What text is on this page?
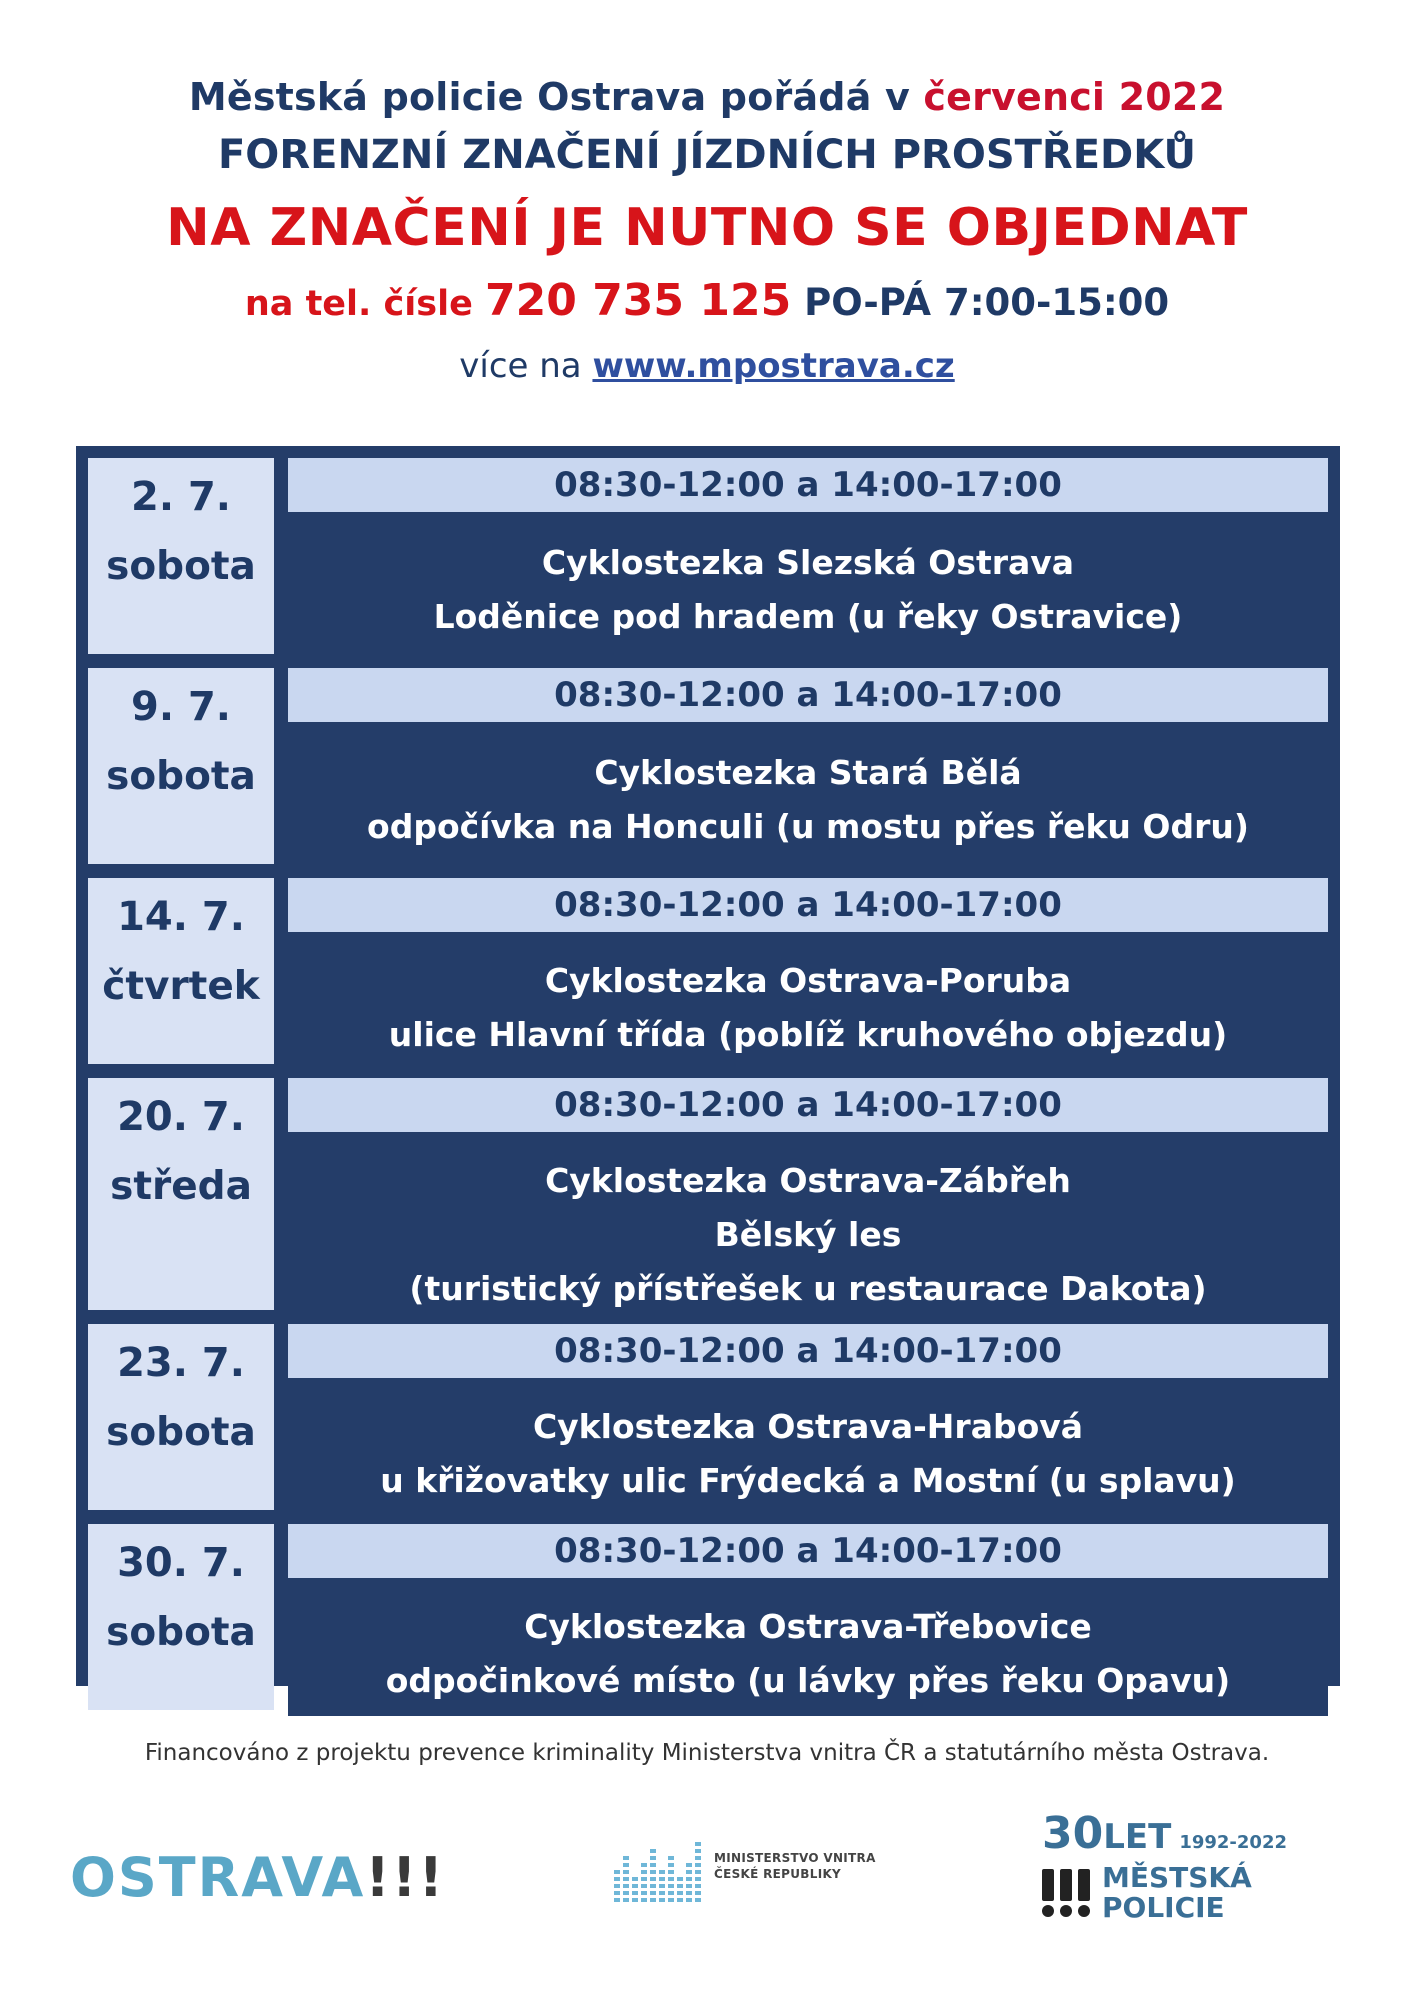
Městská policie Ostrava pořádá v červenci 2022
FORENZNÍ ZNAČENÍ JÍZDNÍCH PROSTŘEDKŮ
NA ZNAČENÍ JE NUTNO SE OBJEDNAT
na tel. čísle 720 735 125 PO-PÁ 7:00-15:00
více na www.mpostrava.cz
2. 7.
sobota
08:30-12:00 a 14:00-17:00
Cyklostezka Slezská Ostrava
Loděnice pod hradem (u řeky Ostravice)
9. 7.
sobota
08:30-12:00 a 14:00-17:00
Cyklostezka Stará Bělá
odpočívka na Honculi (u mostu přes řeku Odru)
14. 7.
čtvrtek
08:30-12:00 a 14:00-17:00
Cyklostezka Ostrava-Poruba
ulice Hlavní třída (poblíž kruhového objezdu)
20. 7.
středa
08:30-12:00 a 14:00-17:00
Cyklostezka Ostrava-Zábřeh
Bělský les
(turistický přístřešek u restaurace Dakota)
23. 7.
sobota
08:30-12:00 a 14:00-17:00
Cyklostezka Ostrava-Hrabová
u křižovatky ulic Frýdecká a Mostní (u splavu)
30. 7.
sobota
08:30-12:00 a 14:00-17:00
Cyklostezka Ostrava-Třebovice
odpočinkové místo (u lávky přes řeku Opavu)
Financováno z projektu prevence kriminality Ministerstva vnitra ČR a statutárního města Ostrava.
OSTRAVA!!!	MINISTERSTVO VNITRA
ČESKÉ REPUBLIKY
30 LET 1992-2022
MĚSTSKÁ
POLICIE
